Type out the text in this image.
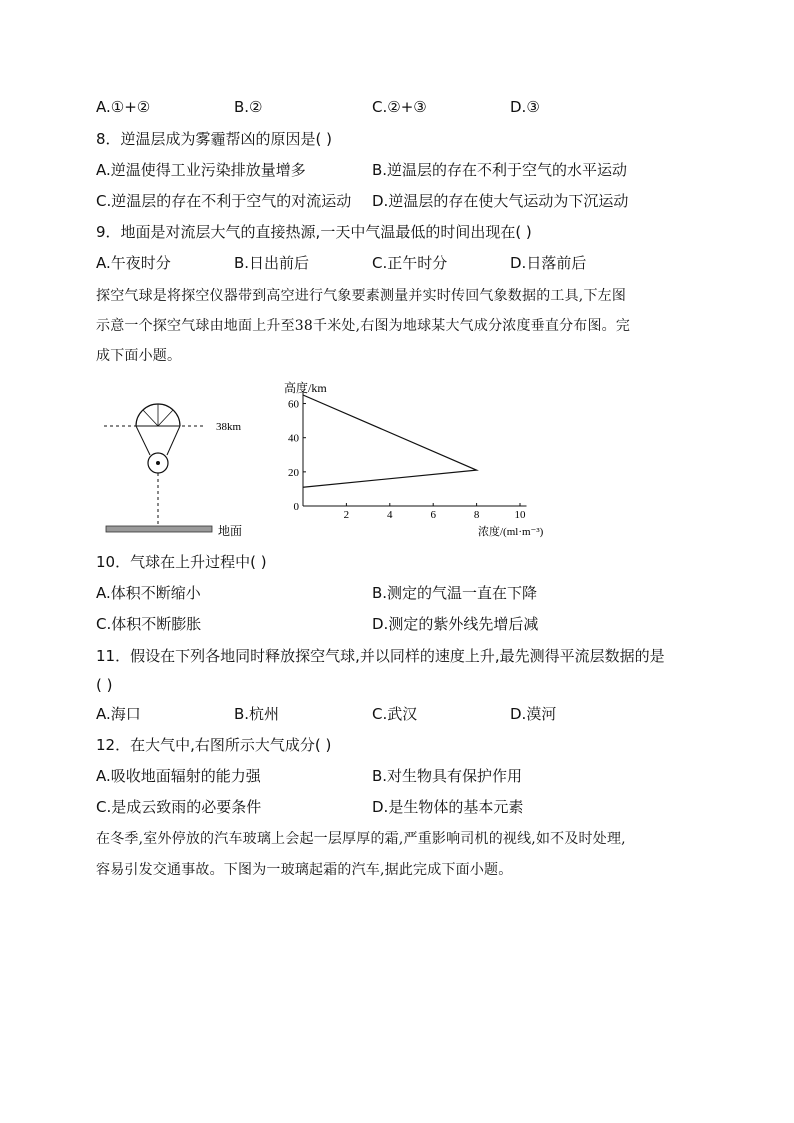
A.①+②	B.②	C.②+③	D.③
8．逆温层成为雾霾帮凶的原因是( )
A.逆温使得工业污染排放量增多	B.逆温层的存在不利于空气的水平运动
C.逆温层的存在不利于空气的对流运动 D.逆温层的存在使大气运动为下沉运动
9．地面是对流层大气的直接热源,一天中气温最低的时间出现在( )
A.午夜时分	B.日出前后	C.正午时分	D.日落前后
探空气球是将探空仪器带到高空进行气象要素测量并实时传回气象数据的工具,下左图
示意一个探空气球由地面上升至38千米处,右图为地球某大气成分浓度垂直分布图。完
成下面小题。
38km
地面
高度/km
浓度/(ml·m⁻³)
2	4	6	8	10
0
20
40
60
10．气球在上升过程中( )
A.体积不断缩小	B.测定的气温一直在下降
C.体积不断膨胀	D.测定的紫外线先增后减
11．假设在下列各地同时释放探空气球,并以同样的速度上升,最先测得平流层数据的是
( )
A.海口	B.杭州	C.武汉	D.漠河
12．在大气中,右图所示大气成分( )
A.吸收地面辐射的能力强	B.对生物具有保护作用
C.是成云致雨的必要条件	D.是生物体的基本元素
在冬季,室外停放的汽车玻璃上会起一层厚厚的霜,严重影响司机的视线,如不及时处理,
容易引发交通事故。下图为一玻璃起霜的汽车,据此完成下面小题。
